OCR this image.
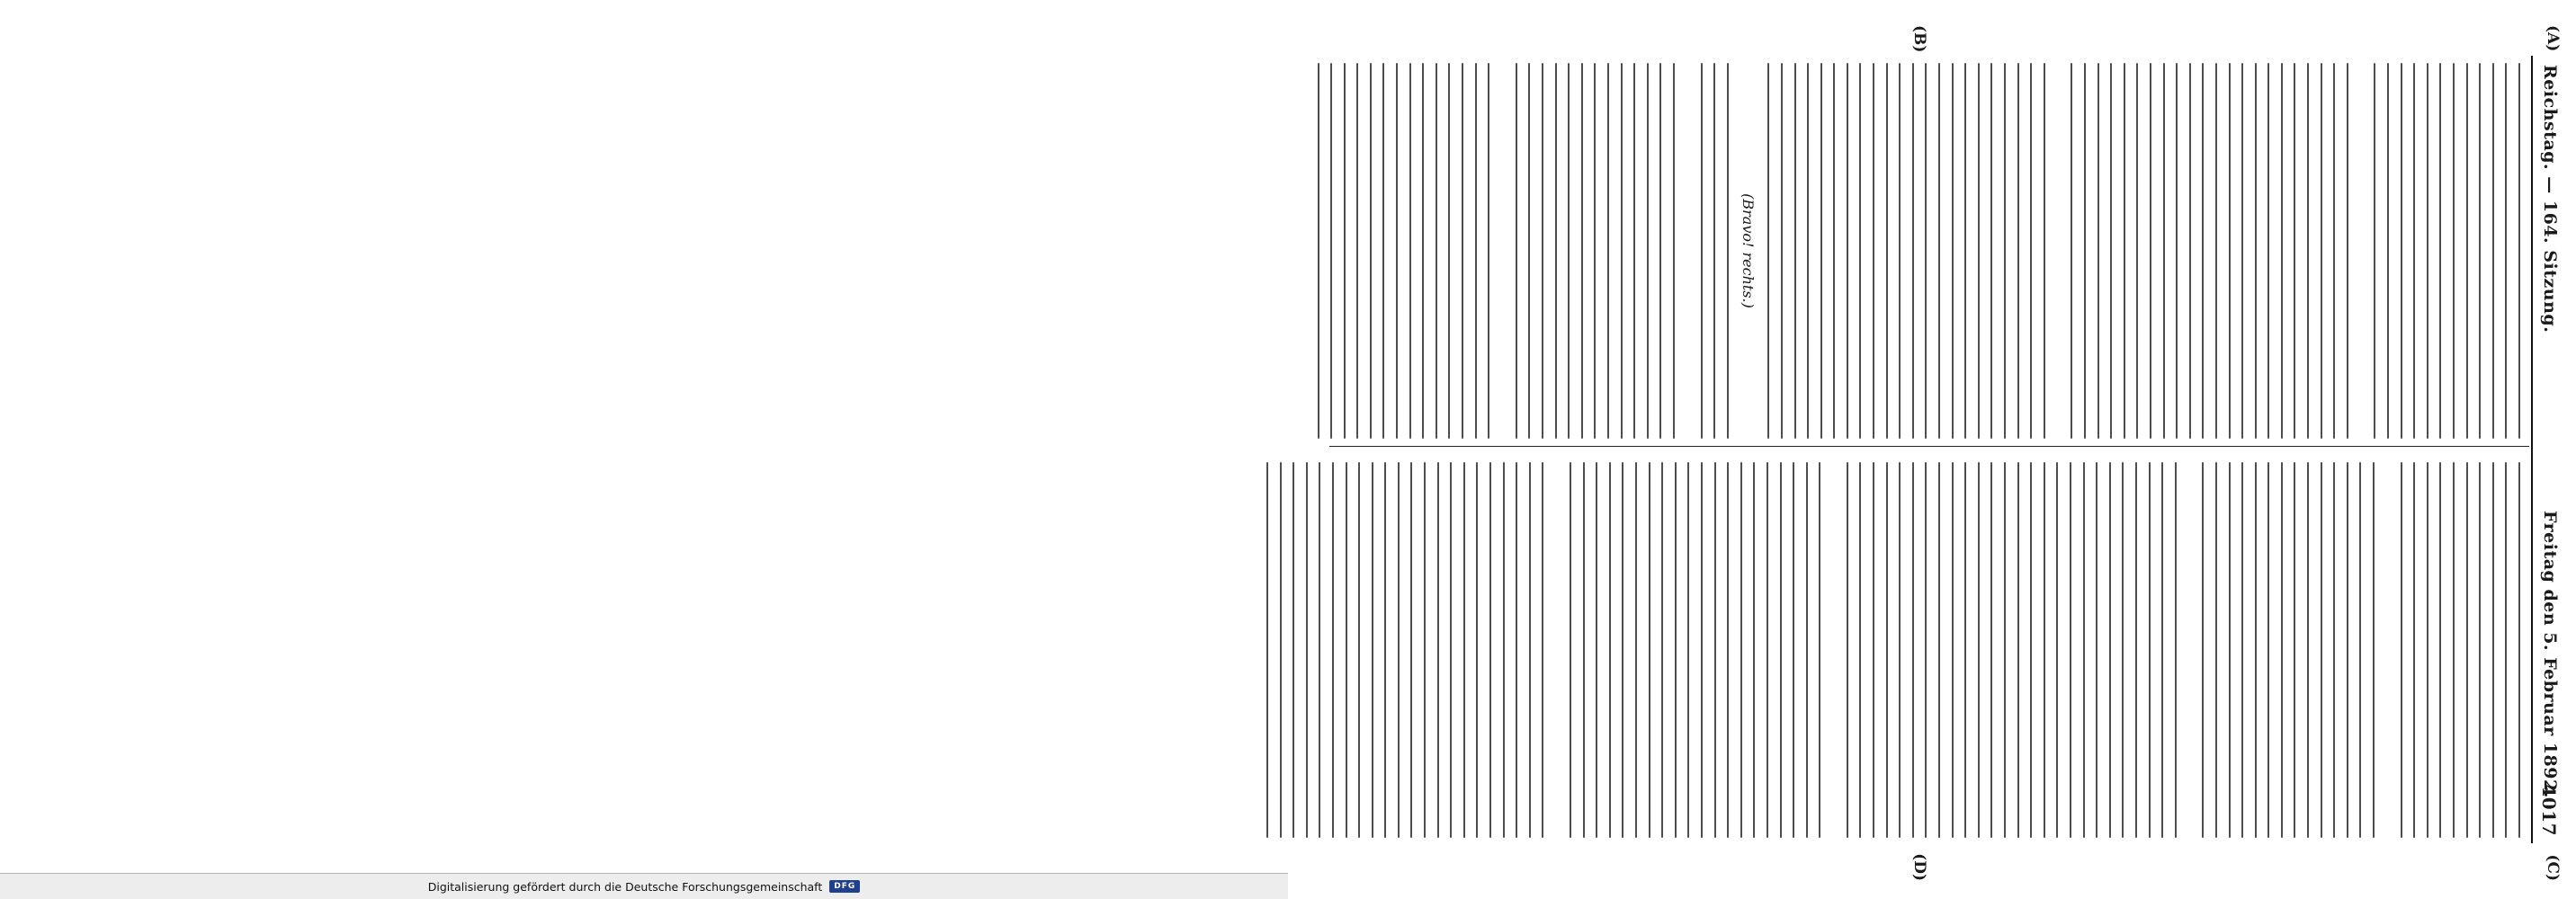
Reichstag. — 164. Sitzung.
Freitag den 5. Februar 1892.
4017
(A)
(B)
(C)
(D)
(Bravo! rechts.)
Digitalisierung gefördert durch die Deutsche Forschungsgemeinschaft	DFG
